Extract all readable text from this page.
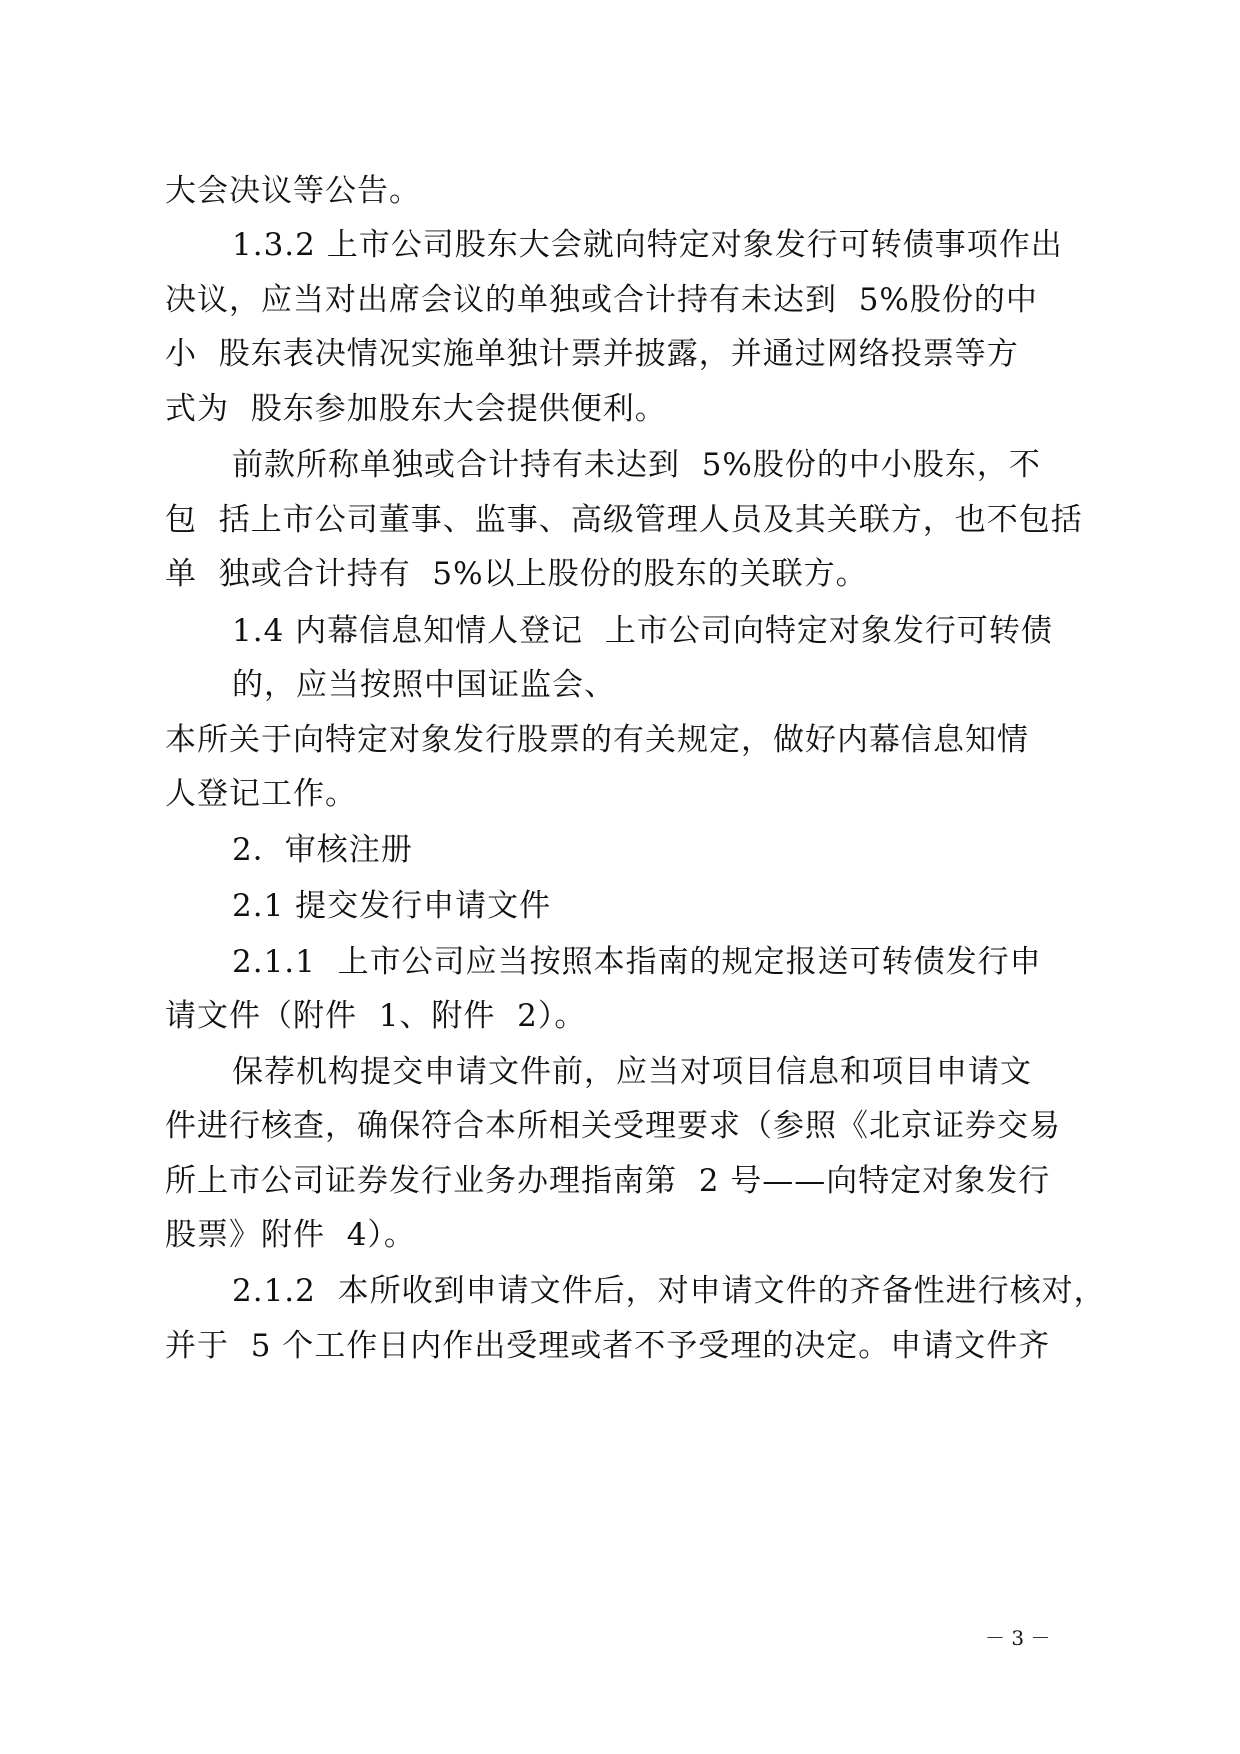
大会决议等公告。
1.3.2 上市公司股东大会就向特定对象发行可转债事项作出
决议，应当对出席会议的单独或合计持有未达到  5%股份的中
小  股东表决情况实施单独计票并披露，并通过网络投票等方
式为  股东参加股东大会提供便利。
前款所称单独或合计持有未达到  5%股份的中小股东，不
包  括上市公司董事、监事、高级管理人员及其关联方，也不包括
单  独或合计持有  5%以上股份的股东的关联方。
1.4 内幕信息知情人登记  上市公司向特定对象发行可转债
的，应当按照中国证监会、
本所关于向特定对象发行股票的有关规定，做好内幕信息知情
人登记工作。
2．审核注册
2.1 提交发行申请文件
2.1.1  上市公司应当按照本指南的规定报送可转债发行申
请文件（附件  1、附件  2）。
保荐机构提交申请文件前，应当对项目信息和项目申请文
件进行核查，确保符合本所相关受理要求（参照《北京证券交易
所上市公司证券发行业务办理指南第  2 号——向特定对象发行
股票》附件  4）。
2.1.2  本所收到申请文件后，对申请文件的齐备性进行核对，
并于  5 个工作日内作出受理或者不予受理的决定。申请文件齐
－ 3 －
